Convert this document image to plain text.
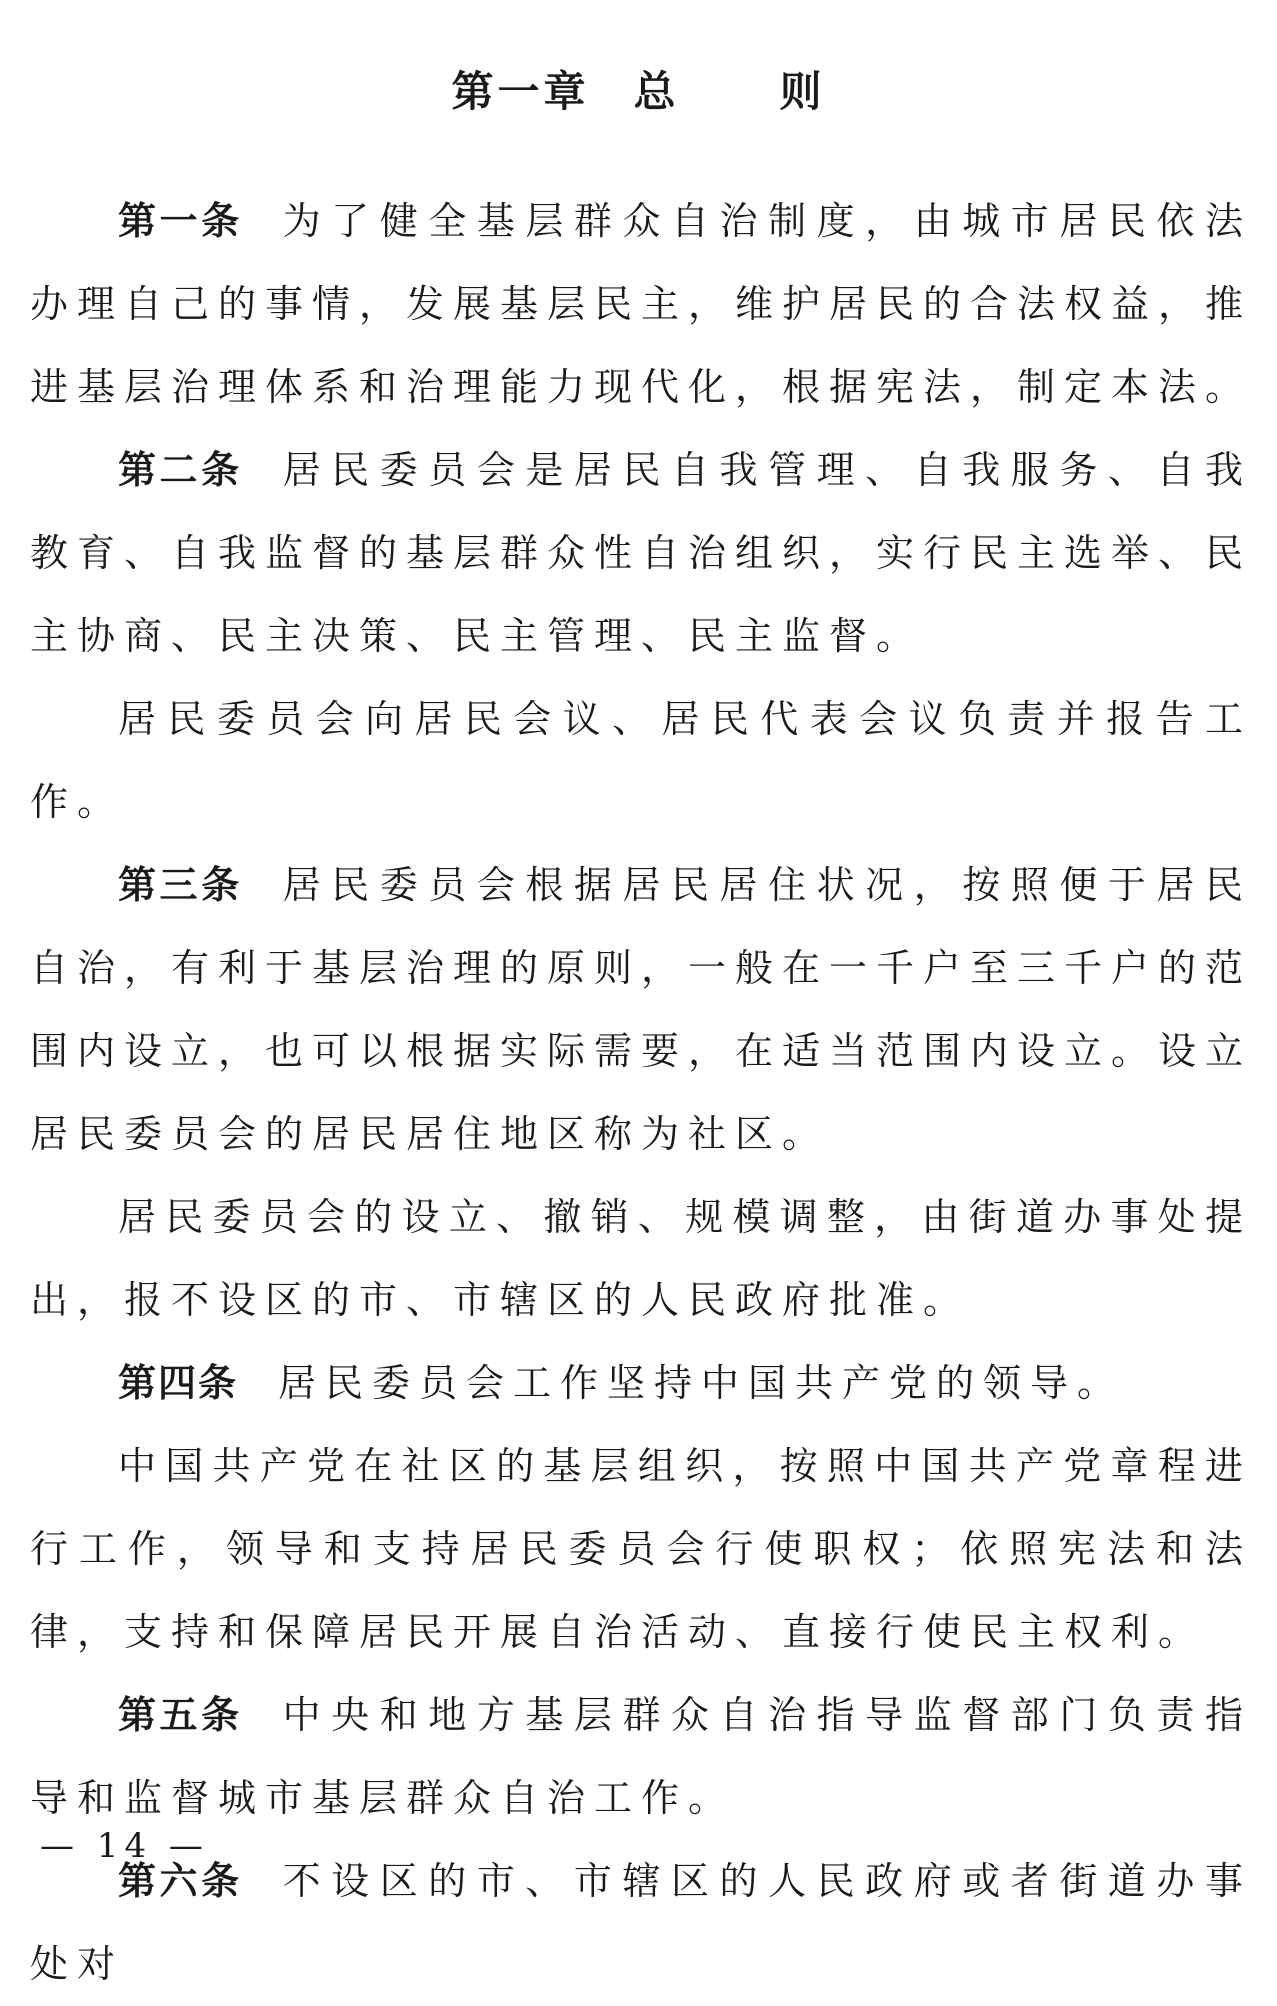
第一章 总 则

第一条 为了健全基层群众自治制度，由城市居民依法办理自己的事情，发展基层民主，维护居民的合法权益，推进基层治理体系和治理能力现代化，根据宪法，制定本法。

第二条 居民委员会是居民自我管理、自我服务、自我教育、自我监督的基层群众性自治组织，实行民主选举、民主协商、民主决策、民主管理、民主监督。

居民委员会向居民会议、居民代表会议负责并报告工作。

第三条 居民委员会根据居民居住状况，按照便于居民自治，有利于基层治理的原则，一般在一千户至三千户的范围内设立，也可以根据实际需要，在适当范围内设立。设立居民委员会的居民居住地区称为社区。

居民委员会的设立、撤销、规模调整，由街道办事处提出，报不设区的市、市辖区的人民政府批准。

第四条 居民委员会工作坚持中国共产党的领导。

中国共产党在社区的基层组织，按照中国共产党章程进行工作，领导和支持居民委员会行使职权；依照宪法和法律，支持和保障居民开展自治活动、直接行使民主权利。

第五条 中央和地方基层群众自治指导监督部门负责指导和监督城市基层群众自治工作。

第六条 不设区的市、市辖区的人民政府或者街道办事处对

— 14 —
